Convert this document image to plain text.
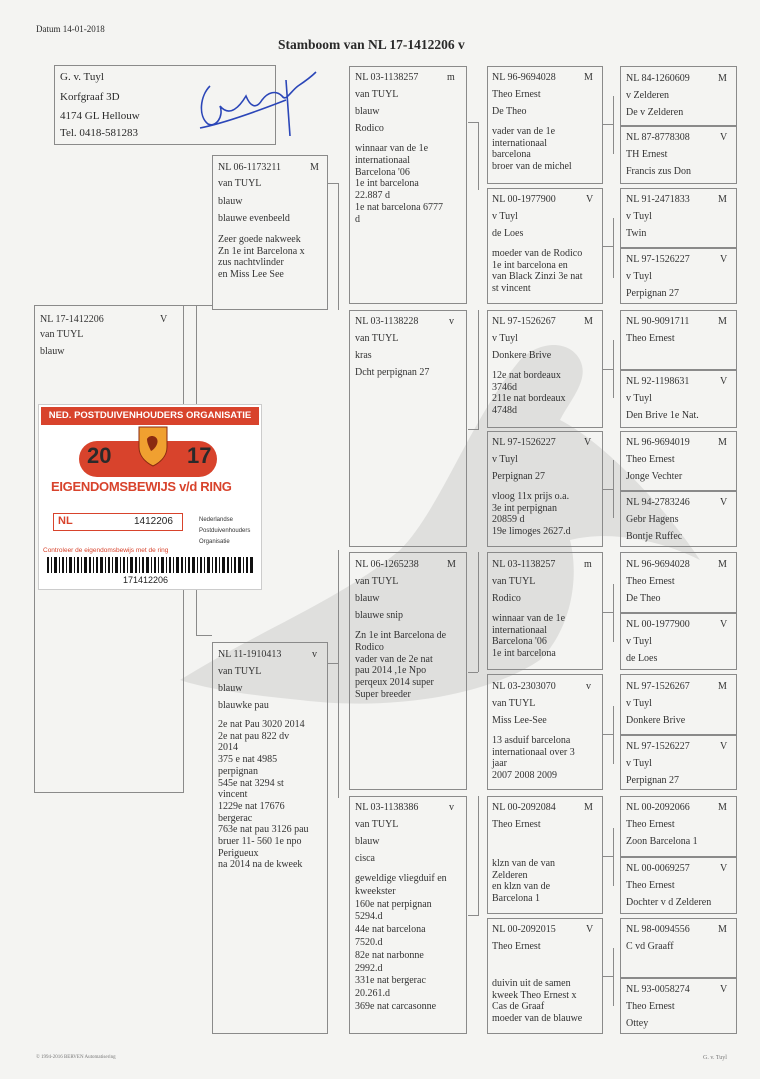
Datum 14-01-2018
Stamboom van NL 17-1412206 v
G. v. Tuyl
Korfgraaf 3D
4174 GL Hellouw
Tel. 0418-581283
NL 17-1412206	V
van TUYL
blauw
NED. POSTDUIVENHOUDERS ORGANISATIE
20	17
EIGENDOMSBEWIJS v/d RING
NL	1412206	Nederlandse
Postduivenhouders
Organisatie
Controleer de eigendomsbewijs met de ring
171412206
NL 06-1173211	M
van TUYL
blauw
blauwe evenbeeld
Zeer goede nakweek
Zn 1e int Barcelona x
zus nachtvlinder
en Miss Lee See
NL 11-1910413	v
van TUYL
blauw
blauwke pau
2e nat Pau 3020 2014
2e nat pau 822 dv
2014
375 e nat 4985
perpignan
545e nat 3294 st
vincent
1229e nat 17676
bergerac
763e nat pau 3126 pau
bruer 11- 560 1e npo
Perigueux
na 2014 na de kweek
NL 03-1138257	m
van TUYL
blauw
Rodico
winnaar van de 1e
internationaal
Barcelona '06
1e int barcelona
22.887 d
1e nat barcelona 6777
d
NL 03-1138228	v
van TUYL
kras
Dcht perpignan 27
NL 06-1265238	M
van TUYL
blauw
blauwe snip
Zn 1e int Barcelona de
Rodico
vader van de 2e nat
pau 2014 ,1e Npo
perqeux 2014 super
Super breeder
NL 03-1138386	v
van TUYL
blauw
cisca
geweldige vliegduif en
kweekster
160e nat perpignan
5294.d
44e nat barcelona
7520.d
82e nat narbonne
2992.d
331e nat bergerac
20.261.d
369e nat carcasonne
NL 96-9694028	M
Theo Ernest
De Theo
vader van de 1e
internationaal
barcelona
broer van de michel
NL 00-1977900	V
v Tuyl
de Loes
moeder van de Rodico
1e int barcelona en
van Black Zinzi 3e nat
st vincent
NL 97-1526267	M
v Tuyl
Donkere Brive
12e nat bordeaux
3746d
211e nat bordeaux
4748d
NL 97-1526227	V
v Tuyl
Perpignan 27
vloog 11x prijs o.a.
3e int perpignan
20859 d
19e limoges 2627.d
NL 03-1138257	m
van TUYL
Rodico
winnaar van de 1e
internationaal
Barcelona '06
1e int barcelona
NL 03-2303070	v
van TUYL
Miss Lee-See
13 asduif barcelona
internationaal over 3
jaar
2007 2008 2009
NL 00-2092084	M
Theo Ernest
klzn van de van
Zelderen
en klzn van de
Barcelona 1
NL 00-2092015	V
Theo Ernest
duivin uit de samen
kweek Theo Ernest x
Cas de Graaf
moeder van de blauwe
NL 84-1260609	M
v Zelderen
De v Zelderen
NL 87-8778308	V
TH Ernest
Francis zus Don
NL 91-2471833	M
v Tuyl
Twin
NL 97-1526227	V
v Tuyl
Perpignan 27
NL 90-9091711	M
Theo Ernest
NL 92-1198631	V
v Tuyl
Den Brive 1e Nat.
NL 96-9694019	M
Theo Ernest
Jonge Vechter
NL 94-2783246	V
Gebr Hagens
Bontje Ruffec
NL 96-9694028	M
Theo Ernest
De Theo
NL 00-1977900	V
v Tuyl
de Loes
NL 97-1526267	M
v Tuyl
Donkere Brive
NL 97-1526227	V
v Tuyl
Perpignan 27
NL 00-2092066	M
Theo Ernest
Zoon Barcelona 1
NL 00-0069257	V
Theo Ernest
Dochter v d Zelderen
NL 98-0094556	M
C vd Graaff
NL 93-0058274	V
Theo Ernest
Ottey
© 1994-2016 BERVEN Automatisering	G. v. Tuyl
